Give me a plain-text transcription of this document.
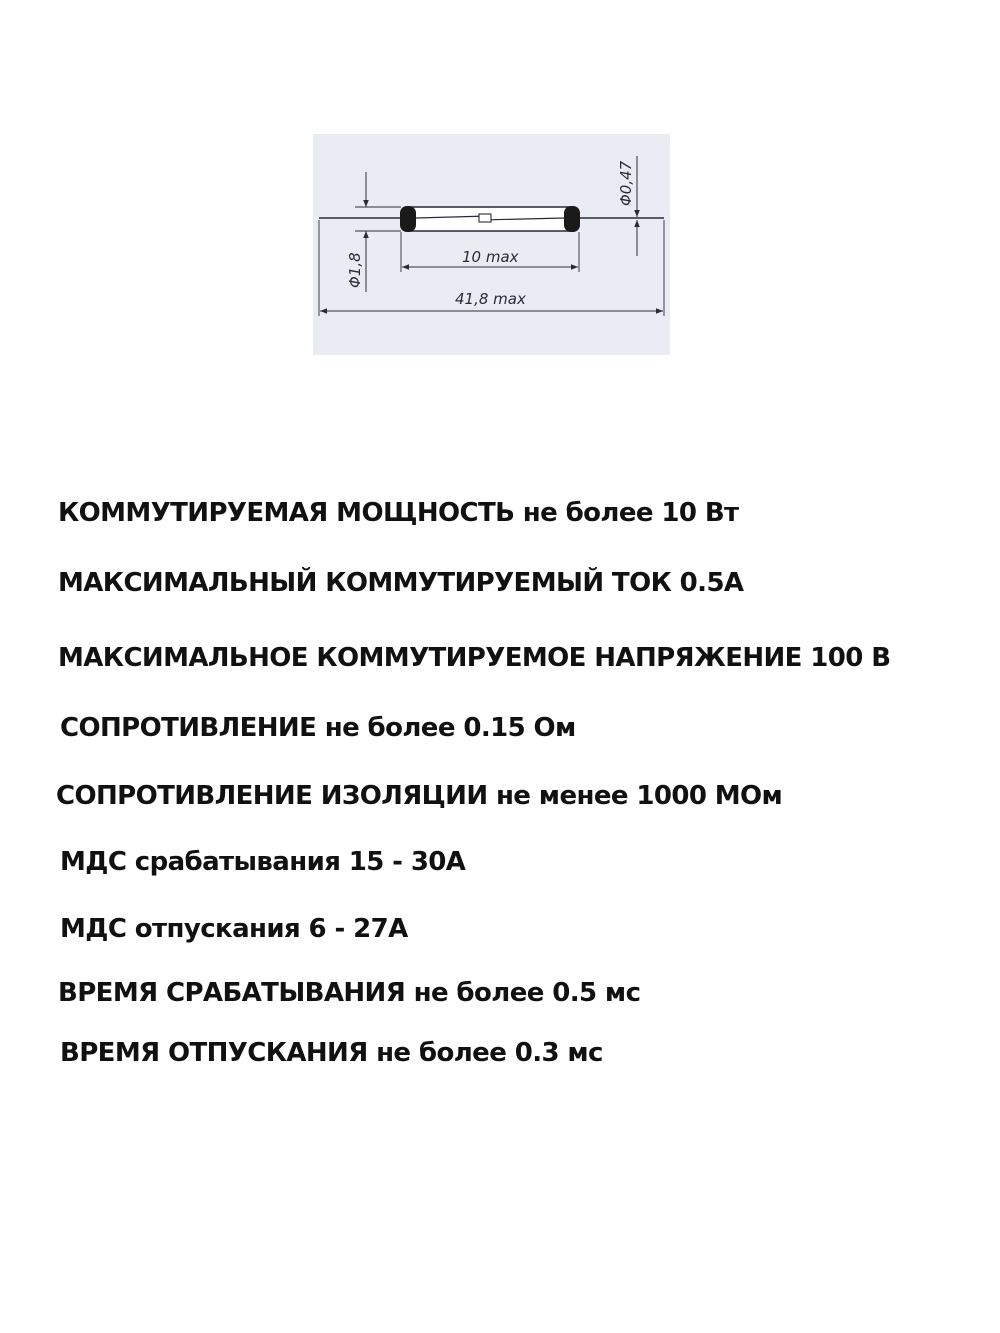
Φ1,8
Φ0,47
10 max
41,8 max

КОММУТИРУЕМАЯ МОЩНОСТЬ не более 10 Вт

МАКСИМАЛЬНЫЙ КОММУТИРУЕМЫЙ ТОК 0.5А

МАКСИМАЛЬНОЕ КОММУТИРУЕМОЕ НАПРЯЖЕНИЕ 100 В

СОПРОТИВЛЕНИЕ не более 0.15 Ом

СОПРОТИВЛЕНИЕ ИЗОЛЯЦИИ не менее 1000 МОм

МДС срабатывания 15 - 30А

МДС отпускания 6 - 27А

ВРЕМЯ СРАБАТЫВАНИЯ не более 0.5 мс

ВРЕМЯ ОТПУСКАНИЯ не более 0.3 мс
